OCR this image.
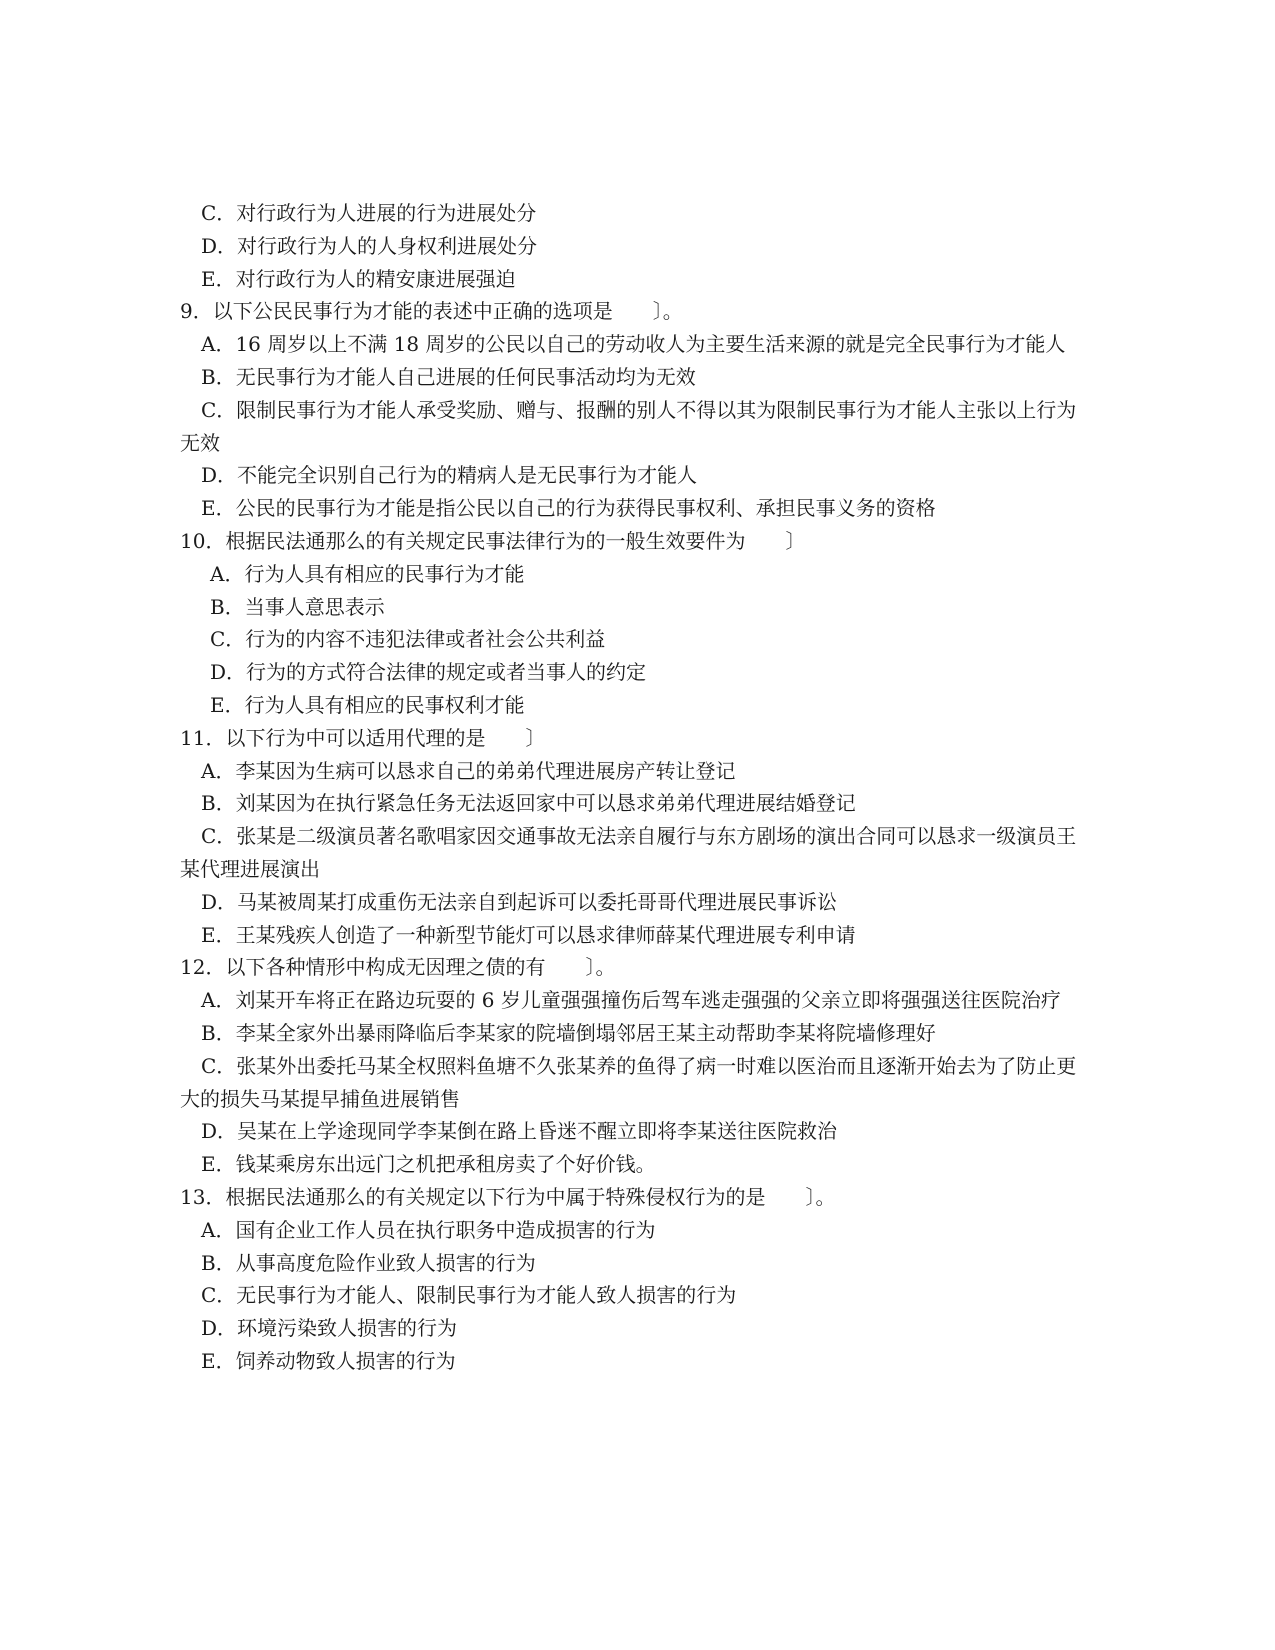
C．对行政行为人进展的行为进展处分
D．对行政行为人的人身权利进展处分
E．对行政行为人的精安康进展强迫
9．以下公民民事行为才能的表述中正确的选项是　　〕。
A．16 周岁以上不满 18 周岁的公民以自己的劳动收人为主要生活来源的就是完全民事行为才能人
B．无民事行为才能人自己进展的任何民事活动均为无效
C．限制民事行为才能人承受奖励、赠与、报酬的别人不得以其为限制民事行为才能人主张以上行为无效
D．不能完全识别自己行为的精病人是无民事行为才能人
E．公民的民事行为才能是指公民以自己的行为获得民事权利、承担民事义务的资格
10．根据民法通那么的有关规定民事法律行为的一般生效要件为　　〕
A．行为人具有相应的民事行为才能
B．当事人意思表示
C．行为的内容不违犯法律或者社会公共利益
D．行为的方式符合法律的规定或者当事人的约定
E．行为人具有相应的民事权利才能
11．以下行为中可以适用代理的是　　〕
A．李某因为生病可以恳求自己的弟弟代理进展房产转让登记
B．刘某因为在执行紧急任务无法返回家中可以恳求弟弟代理进展结婚登记
C．张某是二级演员著名歌唱家因交通事故无法亲自履行与东方剧场的演出合同可以恳求一级演员王某代理进展演出
D．马某被周某打成重伤无法亲自到起诉可以委托哥哥代理进展民事诉讼
E．王某残疾人创造了一种新型节能灯可以恳求律师薛某代理进展专利申请
12．以下各种情形中构成无因理之债的有　　〕。
A．刘某开车将正在路边玩耍的 6 岁儿童强强撞伤后驾车逃走强强的父亲立即将强强送往医院治疗
B．李某全家外出暴雨降临后李某家的院墙倒塌邻居王某主动帮助李某将院墙修理好
C．张某外出委托马某全权照料鱼塘不久张某养的鱼得了病一时难以医治而且逐渐开始去为了防止更大的损失马某提早捕鱼进展销售
D．吴某在上学途现同学李某倒在路上昏迷不醒立即将李某送往医院救治
E．钱某乘房东出远门之机把承租房卖了个好价钱。
13．根据民法通那么的有关规定以下行为中属于特殊侵权行为的是　　〕。
A．国有企业工作人员在执行职务中造成损害的行为
B．从事高度危险作业致人损害的行为
C．无民事行为才能人、限制民事行为才能人致人损害的行为
D．环境污染致人损害的行为
E．饲养动物致人损害的行为
